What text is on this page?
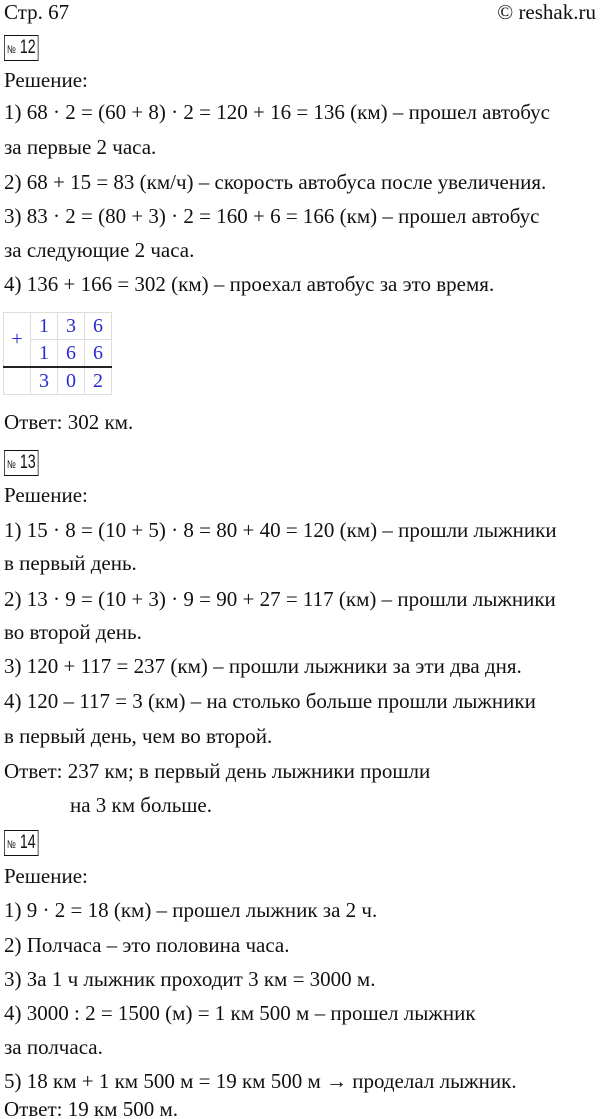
Стр. 67	© reshak.ru
№ 12
Решение:
1) 68 · 2 = (60 + 8) · 2 = 120 + 16 = 136 (км) – прошел автобус
за первые 2 часа.
2) 68 + 15 = 83 (км/ч) – скорость автобуса после увеличения.
3) 83 · 2 = (80 + 3) · 2 = 160 + 6 = 166 (км) – прошел автобус
за следующие 2 часа.
4) 136 + 166 = 302 (км) – проехал автобус за это время.
+	1	3	6
	1	6	6
	3	0	2
Ответ: 302 км.
№ 13
Решение:
1) 15 · 8 = (10 + 5) · 8 = 80 + 40 = 120 (км) – прошли лыжники
в первый день.
2) 13 · 9 = (10 + 3) · 9 = 90 + 27 = 117 (км) – прошли лыжники
во второй день.
3) 120 + 117 = 237 (км) – прошли лыжники за эти два дня.
4) 120 – 117 = 3 (км) – на столько больше прошли лыжники
в первый день, чем во второй.
Ответ: 237 км; в первый день лыжники прошли
на 3 км больше.
№ 14
Решение:
1) 9 · 2 = 18 (км) – прошел лыжник за 2 ч.
2) Полчаса – это половина часа.
3) За 1 ч лыжник проходит 3 км = 3000 м.
4) 3000 : 2 = 1500 (м) = 1 км 500 м – прошел лыжник
за полчаса.
5) 18 км + 1 км 500 м = 19 км 500 м → проделал лыжник.
Ответ: 19 км 500 м.
